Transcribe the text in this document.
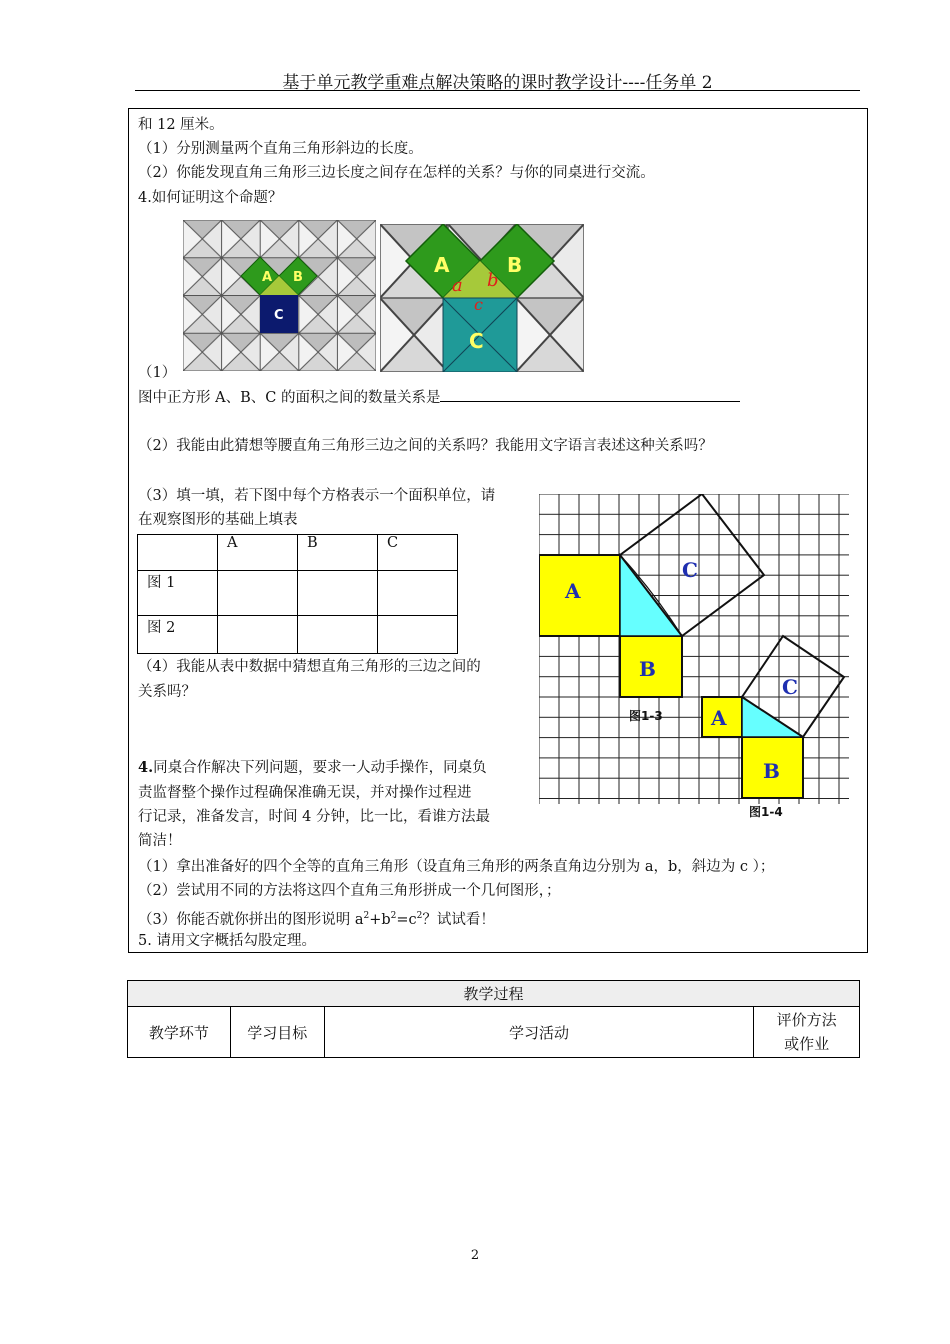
基于单元教学重难点解决策略的课时教学设计----任务单 2
和 12 厘米。
（1）分别测量两个直角三角形斜边的长度。
（2）你能发现直角三角形三边长度之间存在怎样的关系？与你的同桌进行交流。
4.如何证明这个命题？
A B
C
A	B
C
a b
c
（1）
图中正方形 A、B、C 的面积之间的数量关系是
（2）我能由此猜想等腰直角三角形三边之间的关系吗？我能用文字语言表述这种关系吗？
（3）填一填，若下图中每个方格表示一个面积单位，请
在观察图形的基础上填表
	A	B	C
图 1			
图 2			
（4）我能从表中数据中猜想直角三角形的三边之间的
关系吗？
4.同桌合作解决下列问题，要求一人动手操作，同桌负
责监督整个操作过程确保准确无误，并对操作过程进
行记录，准备发言，时间 4 分钟，比一比，看谁方法最
简洁！
（1）拿出准备好的四个全等的直角三角形（设直角三角形的两条直角边分别为 a，b，斜边为 c ）；
（2）尝试用不同的方法将这四个直角三角形拼成一个几何图形，；
（3）你能否就你拼出的图形说明 $a^2+b^2=c^2$？试试看！
5. 请用文字概括勾股定理。
A
B
C
图1-3 A
B
C
图1-4
教学过程
教学环节	学习目标	学习活动	评价方法
或作业
2
